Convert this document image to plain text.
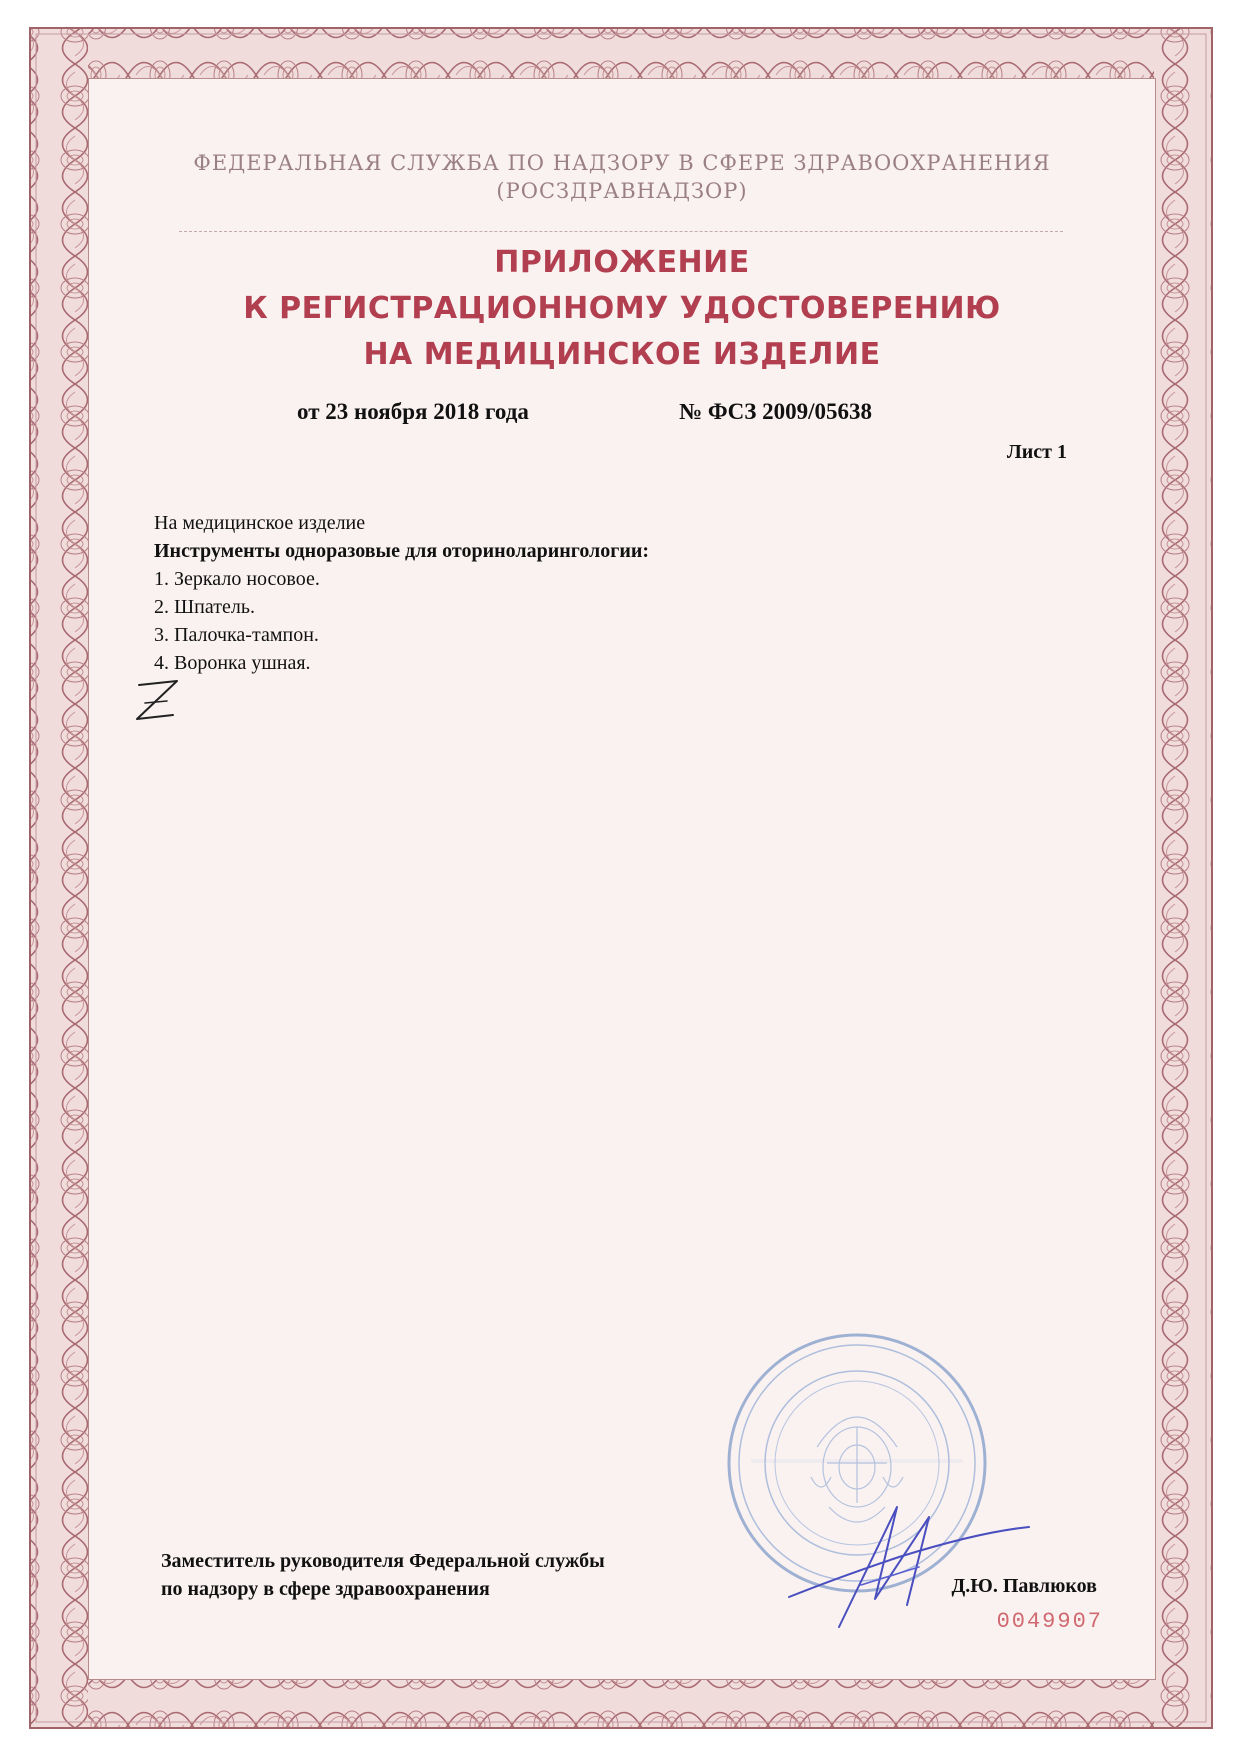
ФЕДЕРАЛЬНАЯ СЛУЖБА ПО НАДЗОРУ В СФЕРЕ ЗДРАВООХРАНЕНИЯ
(РОСЗДРАВНАДЗОР)
ПРИЛОЖЕНИЕ
К РЕГИСТРАЦИОННОМУ УДОСТОВЕРЕНИЮ
НА МЕДИЦИНСКОЕ ИЗДЕЛИЕ
от 23 ноября 2018 года	№ ФСЗ 2009/05638
Лист 1
На медицинское изделие
Инструменты одноразовые для оториноларингологии:
1. Зеркало носовое.
2. Шпатель.
3. Палочка-тампон.
4. Воронка ушная.
Заместитель руководителя Федеральной службы
по надзору в сфере здравоохранения	Д.Ю. Павлюков
0049907
